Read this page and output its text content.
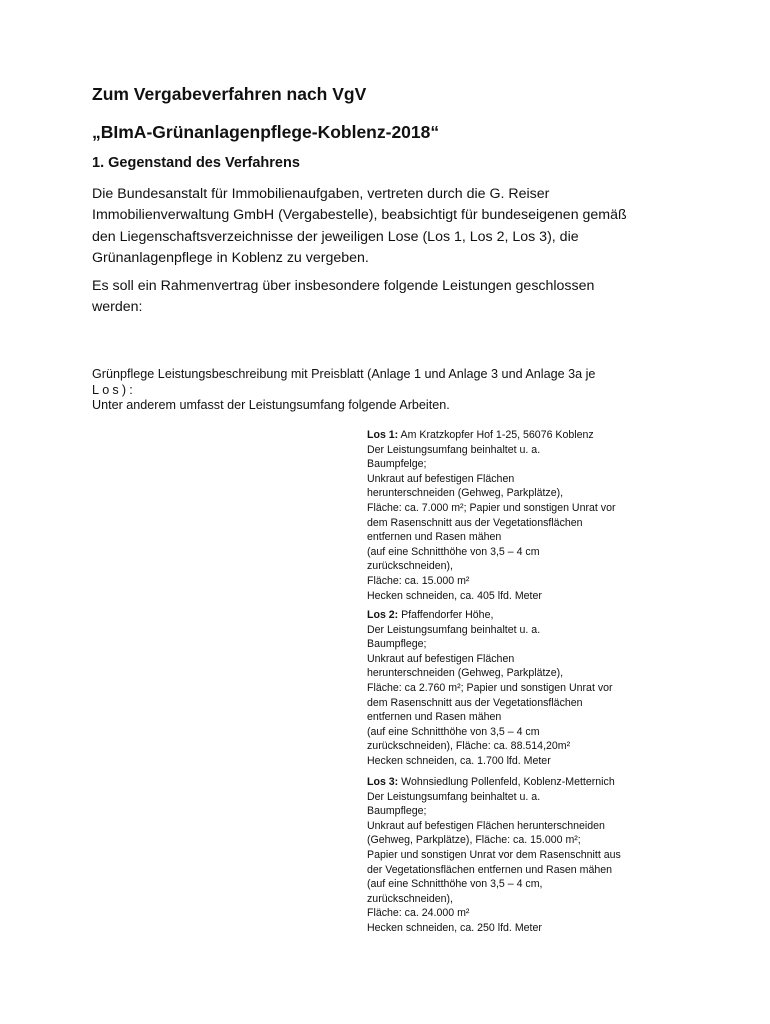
Zum Vergabeverfahren nach VgV
„BImA-Grünanlagenpflege-Koblenz-2018“
1. Gegenstand des Verfahrens

Die Bundesanstalt für Immobilienaufgaben, vertreten durch die G. Reiser
Immobilienverwaltung GmbH (Vergabestelle), beabsichtigt für bundeseigenen gemäß
den Liegenschaftsverzeichnisse der jeweiligen Lose (Los 1, Los 2, Los 3), die
Grünanlagenpflege in Koblenz zu vergeben.

Es soll ein Rahmenvertrag über insbesondere folgende Leistungen geschlossen
werden:

Grünpflege Leistungsbeschreibung mit Preisblatt (Anlage 1 und Anlage 3 und Anlage 3a je
Los):
Unter anderem umfasst der Leistungsumfang folgende Arbeiten.

Los 1: Am Kratzkopfer Hof 1-25, 56076 Koblenz
Der Leistungsumfang beinhaltet u. a.
Baumpfelge;
Unkraut auf befestigen Flächen
herunterschneiden (Gehweg, Parkplätze),
Fläche: ca. 7.000 m²; Papier und sonstigen Unrat vor
dem Rasenschnitt aus der Vegetationsflächen
entfernen und Rasen mähen
(auf eine Schnitthöhe von 3,5 – 4 cm
zurückschneiden),
Fläche: ca. 15.000 m²
Hecken schneiden, ca. 405 lfd. Meter
Los 2: Pfaffendorfer Höhe,
Der Leistungsumfang beinhaltet u. a.
Baumpflege;
Unkraut auf befestigen Flächen
herunterschneiden (Gehweg, Parkplätze),
Fläche: ca 2.760 m²; Papier und sonstigen Unrat vor
dem Rasenschnitt aus der Vegetationsflächen
entfernen und Rasen mähen
(auf eine Schnitthöhe von 3,5 – 4 cm
zurückschneiden), Fläche: ca. 88.514,20m²
Hecken schneiden, ca. 1.700 lfd. Meter
Los 3: Wohnsiedlung Pollenfeld, Koblenz-Metternich
Der Leistungsumfang beinhaltet u. a.
Baumpflege;
Unkraut auf befestigen Flächen herunterschneiden
(Gehweg, Parkplätze), Fläche: ca. 15.000 m²;
Papier und sonstigen Unrat vor dem Rasenschnitt aus
der Vegetationsflächen entfernen und Rasen mähen
(auf eine Schnitthöhe von 3,5 – 4 cm,
zurückschneiden),
Fläche: ca. 24.000 m²
Hecken schneiden, ca. 250 lfd. Meter
